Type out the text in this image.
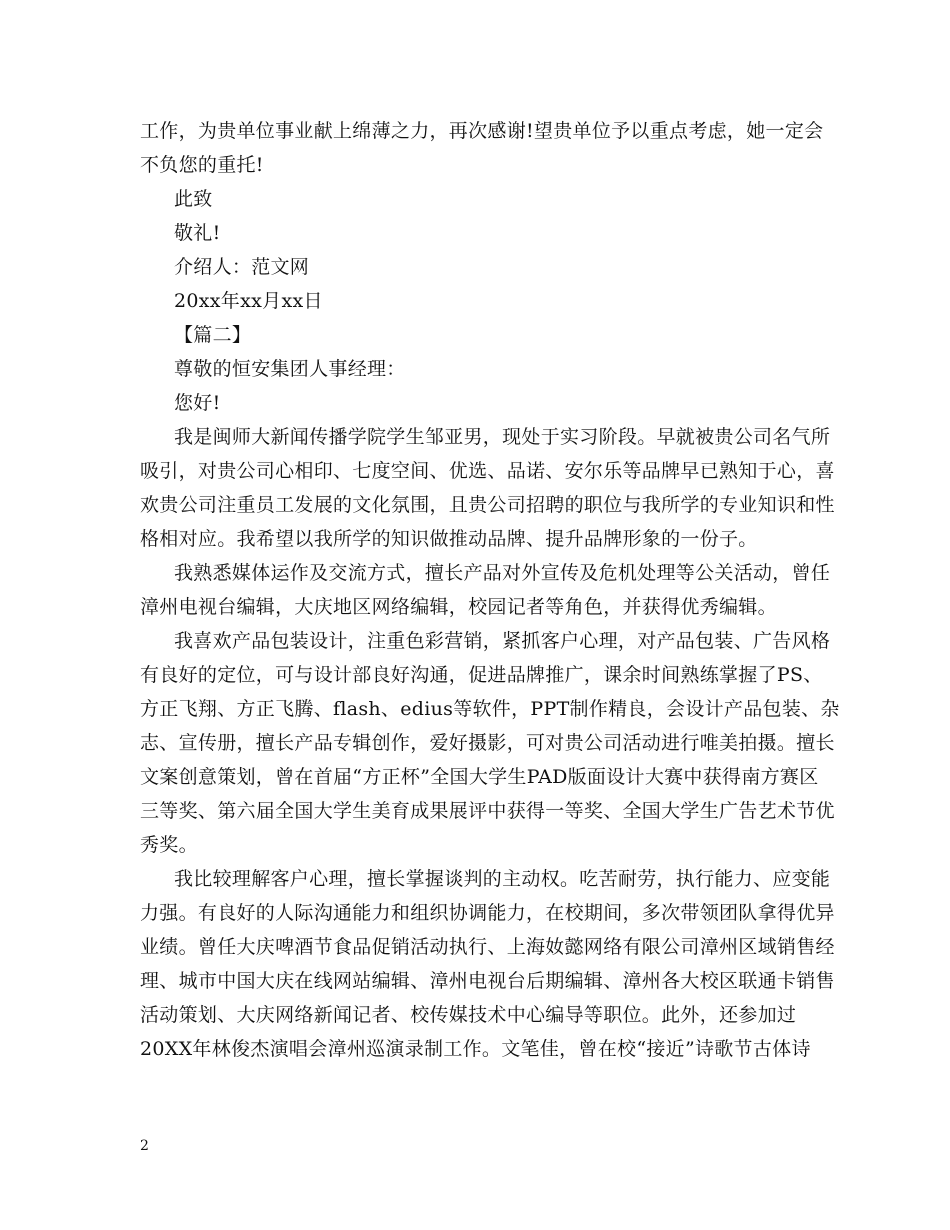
工作，为贵单位事业献上绵薄之力，再次感谢!望贵单位予以重点考虑，她一定会
不负您的重托!
此致
敬礼!
介绍人：范文网
20xx年xx月xx日
【篇二】
尊敬的恒安集团人事经理：
您好!
我是闽师大新闻传播学院学生邹亚男，现处于实习阶段。早就被贵公司名气所
吸引，对贵公司心相印、七度空间、优选、品诺、安尔乐等品牌早已熟知于心，喜
欢贵公司注重员工发展的文化氛围，且贵公司招聘的职位与我所学的专业知识和性
格相对应。我希望以我所学的知识做推动品牌、提升品牌形象的一份子。
我熟悉媒体运作及交流方式，擅长产品对外宣传及危机处理等公关活动，曾任
漳州电视台编辑，大庆地区网络编辑，校园记者等角色，并获得优秀编辑。
我喜欢产品包装设计，注重色彩营销，紧抓客户心理，对产品包装、广告风格
有良好的定位，可与设计部良好沟通，促进品牌推广，课余时间熟练掌握了PS、
方正飞翔、方正飞腾、flash、edius等软件，PPT制作精良，会设计产品包装、杂
志、宣传册，擅长产品专辑创作，爱好摄影，可对贵公司活动进行唯美拍摄。擅长
文案创意策划，曾在首届“方正杯”全国大学生PAD版面设计大赛中获得南方赛区
三等奖、第六届全国大学生美育成果展评中获得一等奖、全国大学生广告艺术节优
秀奖。
我比较理解客户心理，擅长掌握谈判的主动权。吃苦耐劳，执行能力、应变能
力强。有良好的人际沟通能力和组织协调能力，在校期间，多次带领团队拿得优异
业绩。曾任大庆啤酒节食品促销活动执行、上海奻懿网络有限公司漳州区域销售经
理、城市中国大庆在线网站编辑、漳州电视台后期编辑、漳州各大校区联通卡销售
活动策划、大庆网络新闻记者、校传媒技术中心编导等职位。此外，还参加过
20XX年林俊杰演唱会漳州巡演录制工作。文笔佳，曾在校“接近”诗歌节古体诗
2
